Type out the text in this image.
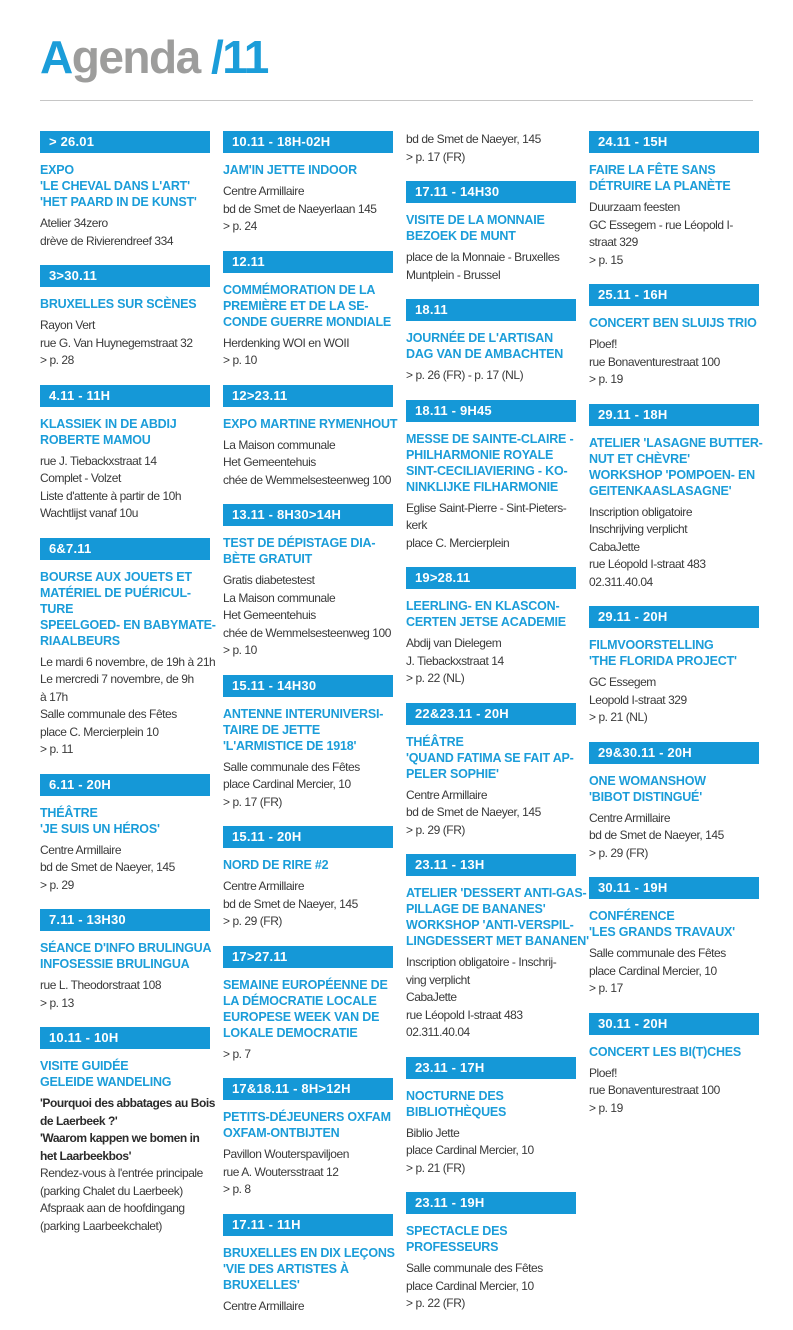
Agenda /11
> 26.01
EXPO
'LE CHEVAL DANS L'ART'
'HET PAARD IN DE KUNST'
Atelier 34zero
drève de Rivierendreef 334
3>30.11
BRUXELLES SUR SCÈNES
Rayon Vert
rue G. Van Huynegemstraat 32
> p. 28
4.11 - 11H
KLASSIEK IN DE ABDIJ
ROBERTE MAMOU
rue J. Tiebackxstraat 14
Complet - Volzet
Liste d'attente à partir de 10h
Wachtlijst vanaf 10u
6&7.11
BOURSE AUX JOUETS ET
MATÉRIEL DE PUÉRICUL-
TURE
SPEELGOED- EN BABYMATE-
RIAALBEURS
Le mardi 6 novembre, de 19h à 21h
Le mercredi 7 novembre, de 9h
à 17h
Salle communale des Fêtes
place C. Mercierplein 10
> p. 11
6.11 - 20H
THÉÂTRE
'JE SUIS UN HÉROS'
Centre Armillaire
bd de Smet de Naeyer, 145
> p. 29
7.11 - 13H30
SÉANCE D'INFO BRULINGUA
INFOSESSIE BRULINGUA
rue L. Theodorstraat 108
> p. 13
10.11 - 10H
VISITE GUIDÉE
GELEIDE WANDELING
'Pourquoi des abbatages au Bois
de Laerbeek ?'
'Waarom kappen we bomen in
het Laarbeekbos'
Rendez-vous à l'entrée principale
(parking Chalet du Laerbeek)
Afspraak aan de hoofdingang
(parking Laarbeekchalet)
10.11 - 18H-02H
JAM'IN JETTE INDOOR
Centre Armillaire
bd de Smet de Naeyerlaan 145
> p. 24
12.11
COMMÉMORATION DE LA
PREMIÈRE ET DE LA SE-
CONDE GUERRE MONDIALE
Herdenking WOI en WOII
> p. 10
12>23.11
EXPO MARTINE RYMENHOUT
La Maison communale
Het Gemeentehuis
chée de Wemmelsesteenweg 100
13.11 - 8H30>14H
TEST DE DÉPISTAGE DIA-
BÈTE GRATUIT
Gratis diabetestest
La Maison communale
Het Gemeentehuis
chée de Wemmelsesteenweg 100
> p. 10
15.11 - 14H30
ANTENNE INTERUNIVERSI-
TAIRE DE JETTE
'L'ARMISTICE DE 1918'
Salle communale des Fêtes
place Cardinal Mercier, 10
> p. 17 (FR)
15.11 - 20H
NORD DE RIRE #2
Centre Armillaire
bd de Smet de Naeyer, 145
> p. 29 (FR)
17>27.11
SEMAINE EUROPÉENNE DE
LA DÉMOCRATIE LOCALE
EUROPESE WEEK VAN DE
LOKALE DEMOCRATIE
> p. 7
17&18.11 - 8H>12H
PETITS-DÉJEUNERS OXFAM
OXFAM-ONTBIJTEN
Pavillon Wouterspaviljoen
rue A. Woutersstraat 12
> p. 8
17.11 - 11H
BRUXELLES EN DIX LEÇONS
'VIE DES ARTISTES À
BRUXELLES'
Centre Armillaire
bd de Smet de Naeyer, 145
> p. 17 (FR)
17.11 - 14H30
VISITE DE LA MONNAIE
BEZOEK DE MUNT
place de la Monnaie - Bruxelles
Muntplein - Brussel
18.11
JOURNÉE DE L'ARTISAN
DAG VAN DE AMBACHTEN
> p. 26 (FR) - p. 17 (NL)
18.11 - 9H45
MESSE DE SAINTE-CLAIRE -
PHILHARMONIE ROYALE
SINT-CECILIAVIERING - KO-
NINKLIJKE FILHARMONIE
Eglise Saint-Pierre - Sint-Pieters-
kerk
place C. Mercierplein
19>28.11
LEERLING- EN KLASCON-
CERTEN JETSE ACADEMIE
Abdij van Dielegem
J. Tiebackxstraat 14
> p. 22 (NL)
22&23.11 - 20H
THÉÂTRE
'QUAND FATIMA SE FAIT AP-
PELER SOPHIE'
Centre Armillaire
bd de Smet de Naeyer, 145
> p. 29 (FR)
23.11 - 13H
ATELIER 'DESSERT ANTI-GAS-
PILLAGE DE BANANES'
WORKSHOP 'ANTI-VERSPIL-
LINGDESSERT MET BANANEN'
Inscription obligatoire - Inschrij-
ving verplicht
CabaJette
rue Léopold I-straat 483
02.311.40.04
23.11 - 17H
NOCTURNE DES
BIBLIOTHÈQUES
Biblio Jette
place Cardinal Mercier, 10
> p. 21 (FR)
23.11 - 19H
SPECTACLE DES
PROFESSEURS
Salle communale des Fêtes
place Cardinal Mercier, 10
> p. 22 (FR)
24.11 - 15H
FAIRE LA FÊTE SANS
DÉTRUIRE LA PLANÈTE
Duurzaam feesten
GC Essegem - rue Léopold I-
straat 329
> p. 15
25.11 - 16H
CONCERT BEN SLUIJS TRIO
Ploef!
rue Bonaventurestraat 100
> p. 19
29.11 - 18H
ATELIER 'LASAGNE BUTTER-
NUT ET CHÈVRE'
WORKSHOP 'POMPOEN- EN
GEITENKAASLASAGNE'
Inscription obligatoire
Inschrijving verplicht
CabaJette
rue Léopold I-straat 483
02.311.40.04
29.11 - 20H
FILMVOORSTELLING
'THE FLORIDA PROJECT'
GC Essegem
Leopold I-straat 329
> p. 21 (NL)
29&30.11 - 20H
ONE WOMANSHOW
'BIBOT DISTINGUÉ'
Centre Armillaire
bd de Smet de Naeyer, 145
> p. 29 (FR)
30.11 - 19H
CONFÉRENCE
'LES GRANDS TRAVAUX'
Salle communale des Fêtes
place Cardinal Mercier, 10
> p. 17
30.11 - 20H
CONCERT LES BI(T)CHES
Ploef!
rue Bonaventurestraat 100
> p. 19
